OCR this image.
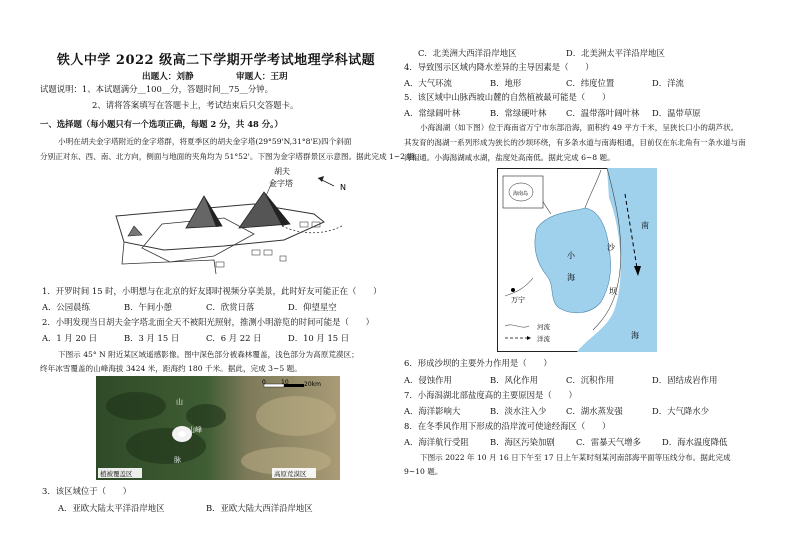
铁人中学 2022 级高二下学期开学考试地理学科试题
出题人：刘静	审题人：王玥
试题说明：1、本试题满分__100__分，答题时间__75__分钟。
2、请将答案填写在答题卡上，考试结束后只交答题卡。
一、选择题（每小题只有一个选项正确，每题 2 分，共 48 分。）
小明在胡夫金字塔附近的金字塔群，将夏季区的胡夫金字塔(29°59'N,31°8'E)四个斜面
分别正对东、西、南、北方向，侧面与地面的夹角均为 51°52'。下图为金字塔群景区示意图。据此完成 1~2 题。
胡夫
金字塔	N
1．开罗时间 15 时，小明想与在北京的好友即时视频分享美景，此时好友可能正在（　　）
A．公园晨练	B．午间小憩	C．欣赏日落	D．仰望星空
2．小明发现当日胡夫金字塔北面全天不被阳光照射，推测小明游览的时间可能是（　　）
A．1 月 20 日	B．3 月 15 日	C．6 月 22 日	D．10 月 15 日
下图示 45° N 附近某区域遥感影像。图中深色部分被森林覆盖，浅色部分为高原荒漠区；
终年冰雪覆盖的山峰海拔 3424 米，距海约 180 千米。据此，完成 3~5 题。
0	10	20km
山
山峰
脉
植被覆盖区	高原荒漠区
3．该区域位于（　　）
A．亚欧大陆太平洋沿岸地区	B．亚欧大陆大西洋沿岸地区
C．北美洲大西洋沿岸地区	D．北美洲太平洋沿岸地区
4．导致图示区域内降水差异的主导因素是（　　）
A．大气环流	B．地形	C．纬度位置	D．洋流
5．该区域中山脉西坡山麓的自然植被最可能是（　　）
A．常绿阔叶林	B．常绿硬叶林 C．温带落叶阔叶林 D．温带草原
小海潟湖（如下图）位于海南省万宁市东部沿海，面积约 49 平方千米，呈狭长口小的葫芦状。
其发育的潟湖一系列形成为狭长的沙坝环绕，有多条水道与南海相通，目前仅在东北角有一条水道与南
海相通。小海潟湖咸水湖，盐度处高南低。据此完成 6~8 题。
海南岛
南
沙
坝
小
海
海
万宁
河流
洋流
6．形成沙坝的主要外力作用是（　　）
A．侵蚀作用	B．风化作用	C．沉积作用	D．固结成岩作用
7．小海潟湖北部盐度高的主要原因是（　　）
A．海洋影响大	B．淡水注入少 C．湖水蒸发强	D．大气降水少
8．在冬季风作用下形成的沿岸流可使途经海区（　　）
A．海洋航行受阻	B．海区污染加剧	C．雷暴天气增多 D．海水温度降低
下图示 2022 年 10 月 16 日下午至 17 日上午某时刻某河南部海平面等压线分布。据此完成
9~10 题。
